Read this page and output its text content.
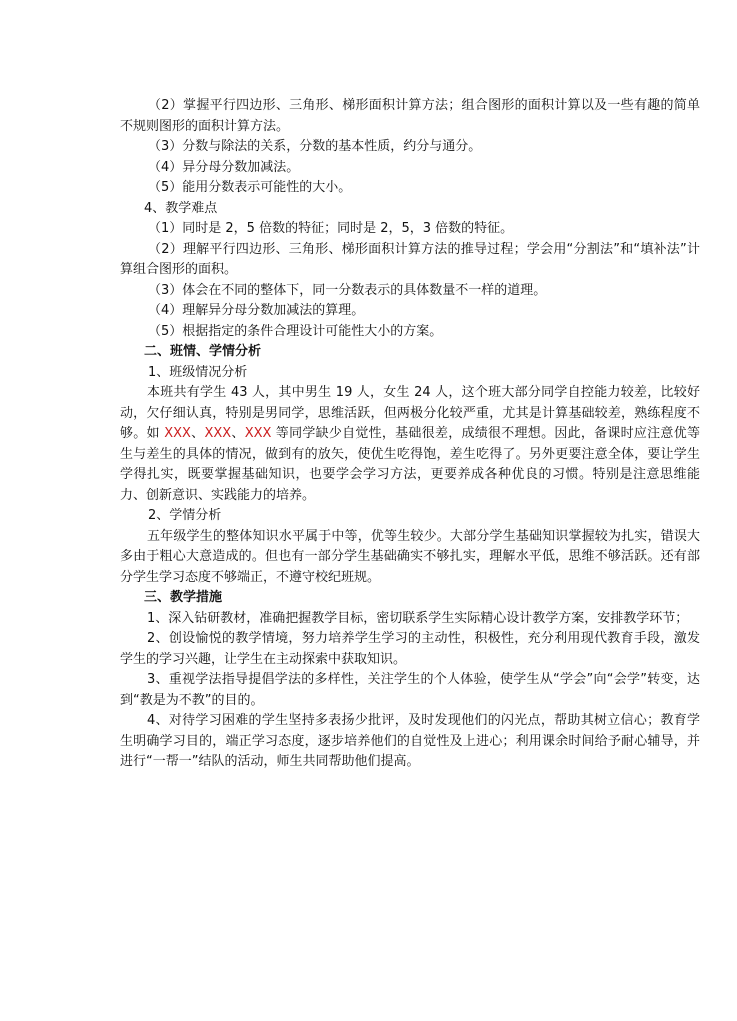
（2）掌握平行四边形、三角形、梯形面积计算方法；组合图形的面积计算以及一些有趣的简单不规则图形的面积计算方法。

（3）分数与除法的关系，分数的基本性质，约分与通分。

（4）异分母分数加减法。

（5）能用分数表示可能性的大小。

4、教学难点

（1）同时是 2，5 倍数的特征；同时是 2，5，3 倍数的特征。

（2）理解平行四边形、三角形、梯形面积计算方法的推导过程；学会用“分割法”和“填补法”计算组合图形的面积。

（3）体会在不同的整体下，同一分数表示的具体数量不一样的道理。

（4）理解异分母分数加减法的算理。

（5）根据指定的条件合理设计可能性大小的方案。

二、班情、学情分析

1、班级情况分析

本班共有学生 43 人，其中男生 19 人，女生 24 人，这个班大部分同学自控能力较差，比较好动，欠仔细认真，特别是男同学，思维活跃，但两极分化较严重，尤其是计算基础较差，熟练程度不够。如 XXX、XXX、XXX 等同学缺少自觉性，基础很差，成绩很不理想。因此，备课时应注意优等生与差生的具体的情况，做到有的放矢，使优生吃得饱，差生吃得了。另外更要注意全体，要让学生学得扎实，既要掌握基础知识，也要学会学习方法，更要养成各种优良的习惯。特别是注意思维能力、创新意识、实践能力的培养。

2、学情分析

五年级学生的整体知识水平属于中等，优等生较少。大部分学生基础知识掌握较为扎实，错误大多由于粗心大意造成的。但也有一部分学生基础确实不够扎实，理解水平低，思维不够活跃。还有部分学生学习态度不够端正，不遵守校纪班规。

三、教学措施

1、深入钻研教材，准确把握教学目标，密切联系学生实际精心设计教学方案，安排教学环节；

2、创设愉悦的教学情境，努力培养学生学习的主动性，积极性，充分利用现代教育手段，激发学生的学习兴趣，让学生在主动探索中获取知识。

3、重视学法指导提倡学法的多样性，关注学生的个人体验，使学生从“学会”向“会学”转变，达到“教是为不教”的目的。

4、对待学习困难的学生坚持多表扬少批评，及时发现他们的闪光点，帮助其树立信心；教育学生明确学习目的，端正学习态度，逐步培养他们的自觉性及上进心；利用课余时间给予耐心辅导，并进行“一帮一”结队的活动，师生共同帮助他们提高。
